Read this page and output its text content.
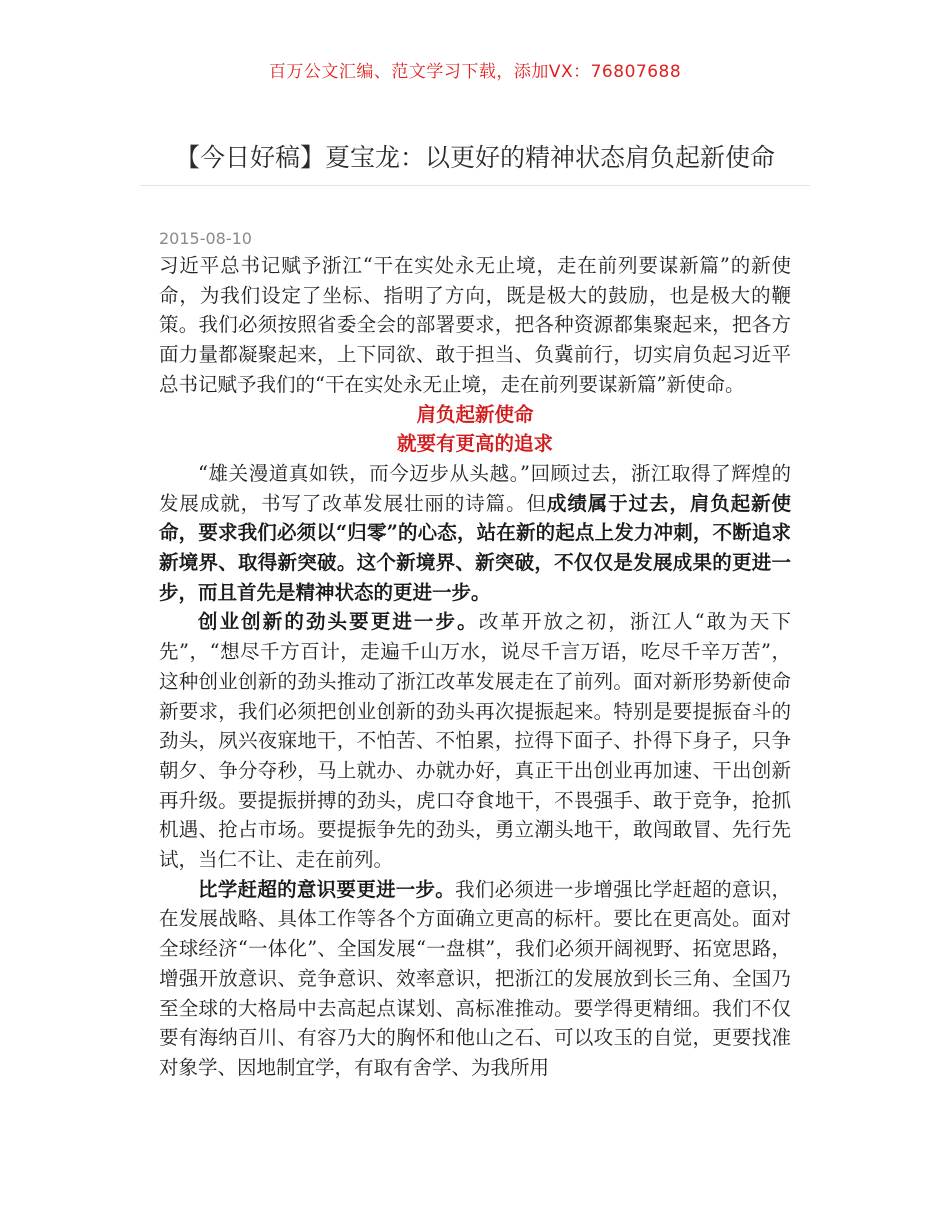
百万公文汇编、范文学习下载，添加VX：76807688
【今日好稿】夏宝龙：以更好的精神状态肩负起新使命
2015-08-10

习近平总书记赋予浙江“干在实处永无止境，走在前列要谋新篇”的新使命，为我们设定了坐标、指明了方向，既是极大的鼓励，也是极大的鞭策。我们必须按照省委全会的部署要求，把各种资源都集聚起来，把各方面力量都凝聚起来，上下同欲、敢于担当、负冀前行，切实肩负起习近平总书记赋予我们的“干在实处永无止境，走在前列要谋新篇”新使命。

肩负起新使命

就要有更高的追求

“雄关漫道真如铁，而今迈步从头越。”回顾过去，浙江取得了辉煌的发展成就，书写了改革发展壮丽的诗篇。但成绩属于过去，肩负起新使命，要求我们必须以“归零”的心态，站在新的起点上发力冲刺，不断追求新境界、取得新突破。这个新境界、新突破，不仅仅是发展成果的更进一步，而且首先是精神状态的更进一步。

创业创新的劲头要更进一步。改革开放之初，浙江人“敢为天下先”，“想尽千方百计，走遍千山万水，说尽千言万语，吃尽千辛万苦”，这种创业创新的劲头推动了浙江改革发展走在了前列。面对新形势新使命新要求，我们必须把创业创新的劲头再次提振起来。特别是要提振奋斗的劲头，夙兴夜寐地干，不怕苦、不怕累，拉得下面子、扑得下身子，只争朝夕、争分夺秒，马上就办、办就办好，真正干出创业再加速、干出创新再升级。要提振拼搏的劲头，虎口夺食地干，不畏强手、敢于竞争，抢抓机遇、抢占市场。要提振争先的劲头，勇立潮头地干，敢闯敢冒、先行先试，当仁不让、走在前列。

比学赶超的意识要更进一步。我们必须进一步增强比学赶超的意识，在发展战略、具体工作等各个方面确立更高的标杆。要比在更高处。面对全球经济“一体化”、全国发展“一盘棋”，我们必须开阔视野、拓宽思路，增强开放意识、竞争意识、效率意识，把浙江的发展放到长三角、全国乃至全球的大格局中去高起点谋划、高标准推动。要学得更精细。我们不仅要有海纳百川、有容乃大的胸怀和他山之石、可以攻玉的自觉，更要找准对象学、因地制宜学，有取有舍学、为我所用
